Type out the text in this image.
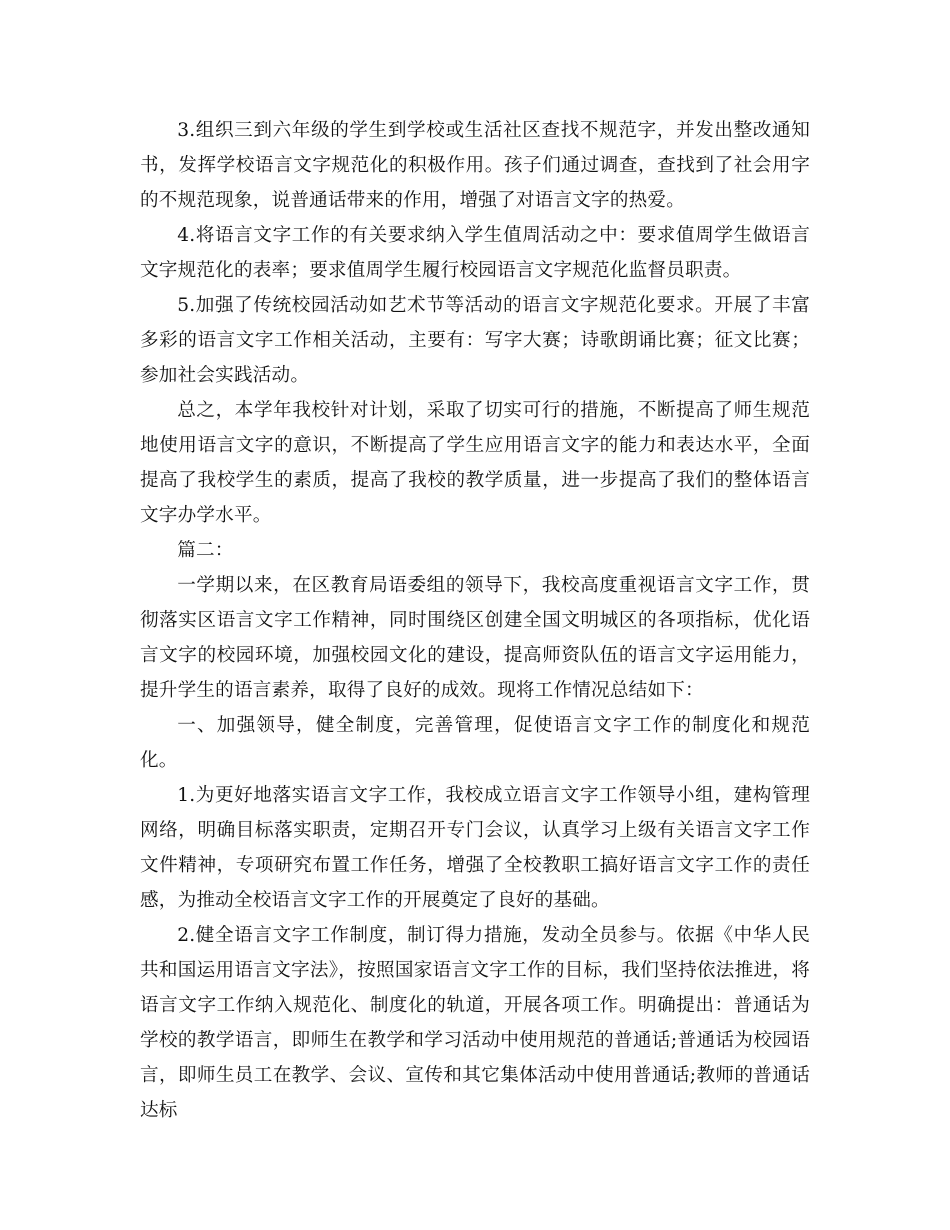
3.组织三到六年级的学生到学校或生活社区查找不规范字，并发出整改通知书，发挥学校语言文字规范化的积极作用。孩子们通过调查，查找到了社会用字的不规范现象，说普通话带来的作用，增强了对语言文字的热爱。

4.将语言文字工作的有关要求纳入学生值周活动之中：要求值周学生做语言文字规范化的表率；要求值周学生履行校园语言文字规范化监督员职责。

5.加强了传统校园活动如艺术节等活动的语言文字规范化要求。开展了丰富多彩的语言文字工作相关活动，主要有：写字大赛；诗歌朗诵比赛；征文比赛；参加社会实践活动。

总之，本学年我校针对计划，采取了切实可行的措施，不断提高了师生规范地使用语言文字的意识，不断提高了学生应用语言文字的能力和表达水平，全面提高了我校学生的素质，提高了我校的教学质量，进一步提高了我们的整体语言文字办学水平。

篇二：

一学期以来，在区教育局语委组的领导下，我校高度重视语言文字工作，贯彻落实区语言文字工作精神，同时围绕区创建全国文明城区的各项指标，优化语言文字的校园环境，加强校园文化的建设，提高师资队伍的语言文字运用能力，提升学生的语言素养，取得了良好的成效。现将工作情况总结如下：

一、加强领导，健全制度，完善管理，促使语言文字工作的制度化和规范化。

1.为更好地落实语言文字工作，我校成立语言文字工作领导小组，建构管理网络，明确目标落实职责，定期召开专门会议，认真学习上级有关语言文字工作文件精神，专项研究布置工作任务，增强了全校教职工搞好语言文字工作的责任感，为推动全校语言文字工作的开展奠定了良好的基础。

2.健全语言文字工作制度，制订得力措施，发动全员参与。依据《中华人民共和国运用语言文字法》，按照国家语言文字工作的目标，我们坚持依法推进，将语言文字工作纳入规范化、制度化的轨道，开展各项工作。明确提出：普通话为学校的教学语言，即师生在教学和学习活动中使用规范的普通话;普通话为校园语言，即师生员工在教学、会议、宣传和其它集体活动中使用普通话;教师的普通话达标
